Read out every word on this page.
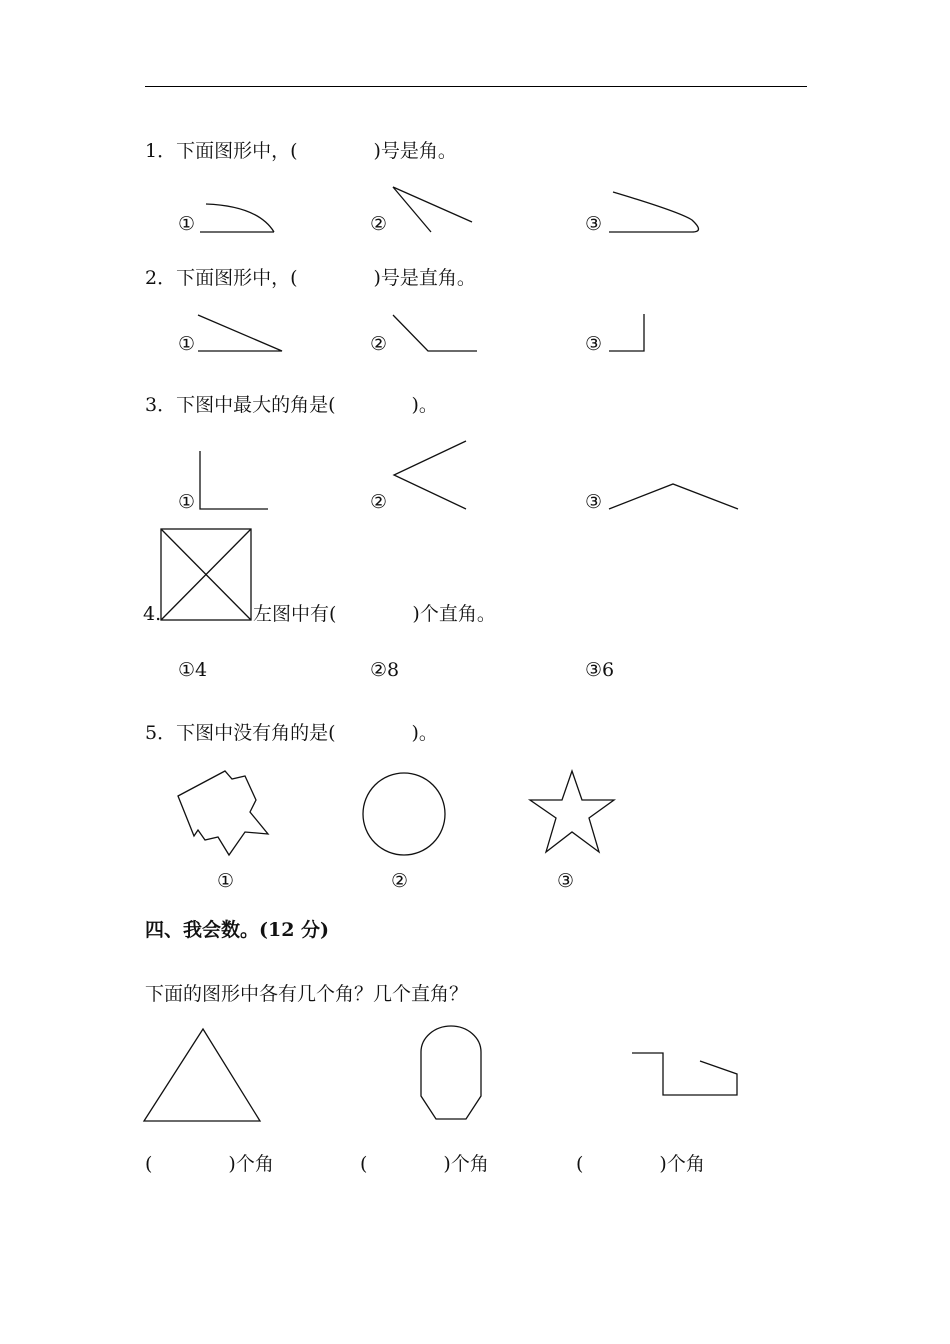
1．下面图形中，(　　　　)号是角。
①	②	③
2．下面图形中，(　　　　)号是直角。
①	②	③
3．下图中最大的角是(　　　　)。
①	②	③
4.	左图中有(　　　　)个直角。
①4	②8	③6
5．下图中没有角的是(　　　　)。
①	②	③
四、我会数。(12 分)
下面的图形中各有几个角？几个直角？
(　　　　)个角	(　　　　)个角	(　　　　)个角
